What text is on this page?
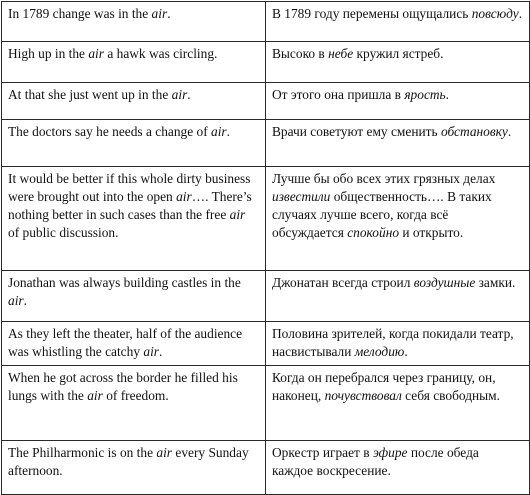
In 1789 change was in the air.	В 1789 году перемены ощущались повсюду.
High up in the air a hawk was circling.	Высоко в небе кружил ястреб.
At that she just went up in the air.	От этого она пришла в ярость.
The doctors say he needs a change of air.	Врачи советуют ему сменить обстановку.
It would be better if this whole dirty business were brought out into the open air…. There’s nothing better in such cases than the free air of public discussion.	Лучше бы обо всех этих грязных делах известили общественность…. В таких случаях лучше всего, когда всё обсуждается спокойно и открыто.
Jonathan was always building castles in the air.	Джонатан всегда строил воздушные замки.
As they left the theater, half of the audience was whistling the catchy air.	Половина зрителей, когда покидали театр, насвистывали мелодию.
When he got across the border he filled his lungs with the air of freedom.	Когда он перебрался через границу, он, наконец, почувствовал себя свободным.
The Philharmonic is on the air every Sunday afternoon.	Оркестр играет в эфире после обеда каждое воскресение.
